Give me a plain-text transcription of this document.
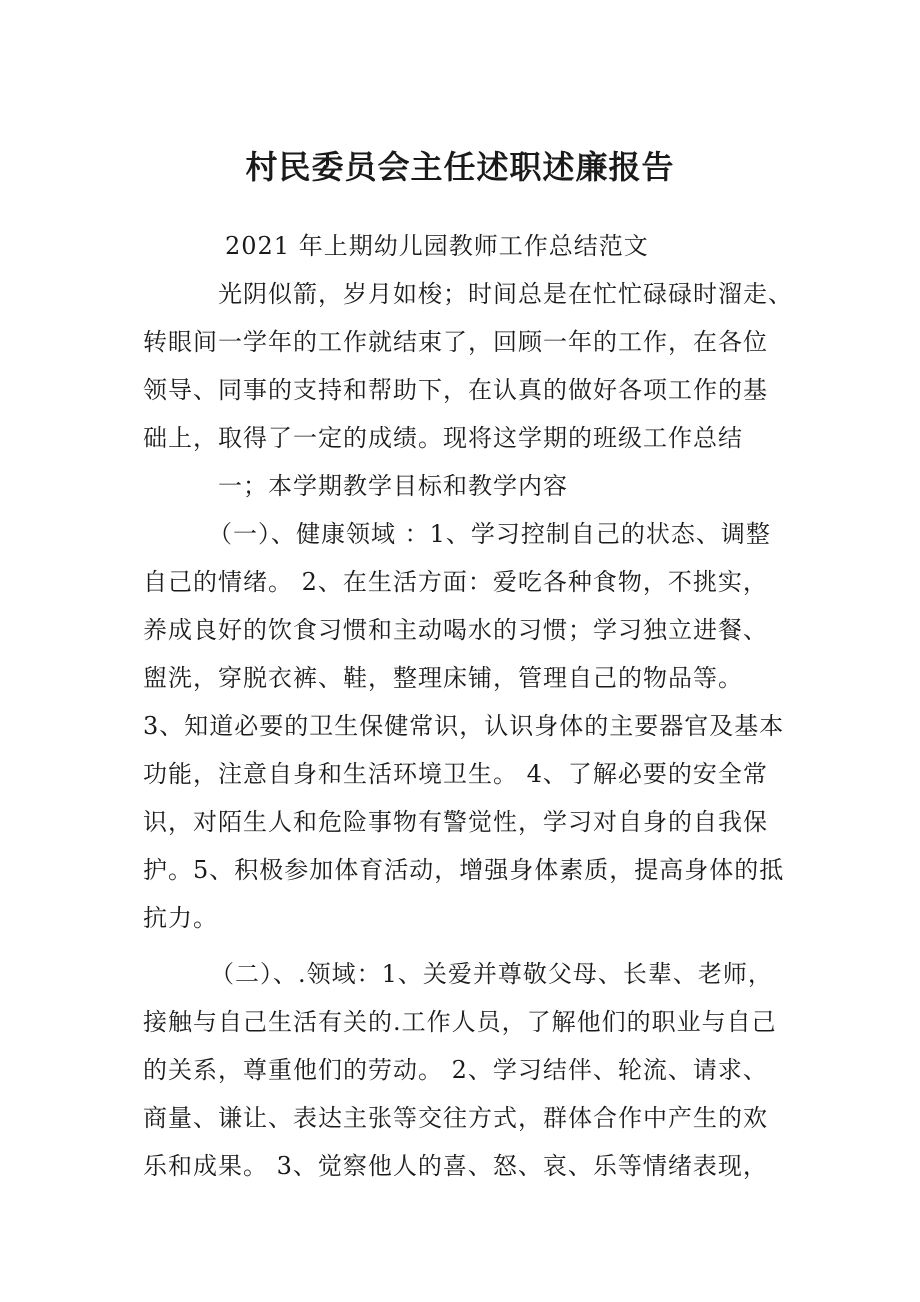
村民委员会主任述职述廉报告
2021 年上期幼儿园教师工作总结范文
光阴似箭，岁月如梭；时间总是在忙忙碌碌时溜走、
转眼间一学年的工作就结束了，回顾一年的工作，在各位
领导、同事的支持和帮助下，在认真的做好各项工作的基
础上，取得了一定的成绩。现将这学期的班级工作总结
一；本学期教学目标和教学内容
（一）、健康领域 ：1、学习控制自己的状态、调整
自己的情绪。 2、在生活方面：爱吃各种食物，不挑实，
养成良好的饮食习惯和主动喝水的习惯；学习独立进餐、
盥洗，穿脱衣裤、鞋，整理床铺，管理自己的物品等。
3、知道必要的卫生保健常识，认识身体的主要器官及基本
功能，注意自身和生活环境卫生。 4、了解必要的安全常
识，对陌生人和危险事物有警觉性，学习对自身的自我保
护。5、积极参加体育活动，增强身体素质，提高身体的抵
抗力。
（二）、.领域：1、关爱并尊敬父母、长辈、老师，
接触与自己生活有关的.工作人员，了解他们的职业与自己
的关系，尊重他们的劳动。 2、学习结伴、轮流、请求、
商量、谦让、表达主张等交往方式，群体合作中产生的欢
乐和成果。 3、觉察他人的喜、怒、哀、乐等情绪表现，
